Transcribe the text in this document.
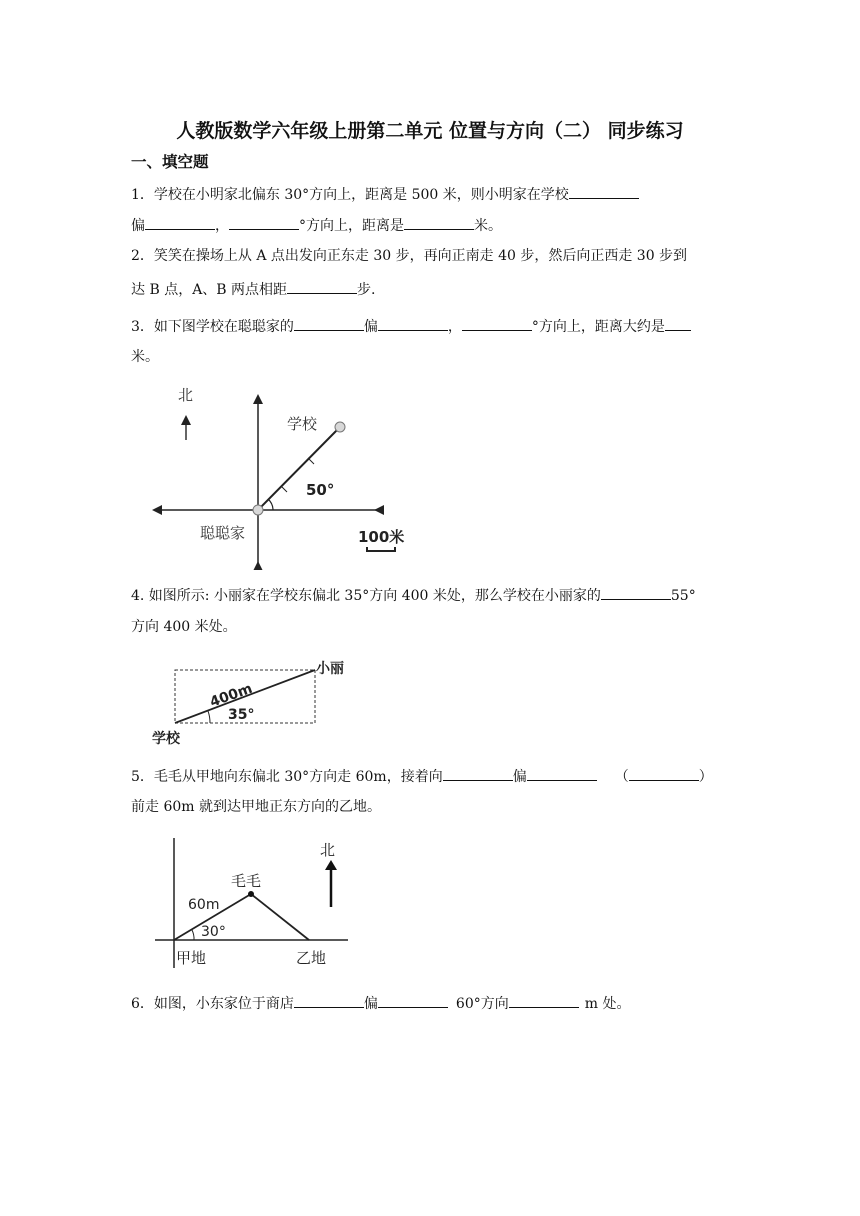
人教版数学六年级上册第二单元 位置与方向（二） 同步练习
一、填空题
1．学校在小明家北偏东 30°方向上，距离是 500 米，则小明家在学校
偏	，	°方向上，距离是	米。
2．笑笑在操场上从 A 点出发向正东走 30 步，再向正南走 40 步，然后向正西走 30 步到
达 B 点，A、B 两点相距	步.
3．如下图学校在聪聪家的	偏	，	°方向上，距离大约是
米。
北
学校
50°
聪聪家	100米
4. 如图所示: 小丽家在学校东偏北 35°方向 400 米处，那么学校在小丽家的	55°
方向 400 米处。
小丽
400m
35°
学校
5．毛毛从甲地向东偏北 30°方向走 60m，接着向	偏	（	）
前走 60m 就到达甲地正东方向的乙地。
毛毛
北
60m
30°
甲地	乙地
6．如图，小东家位于商店	偏	60°方向	m 处。
